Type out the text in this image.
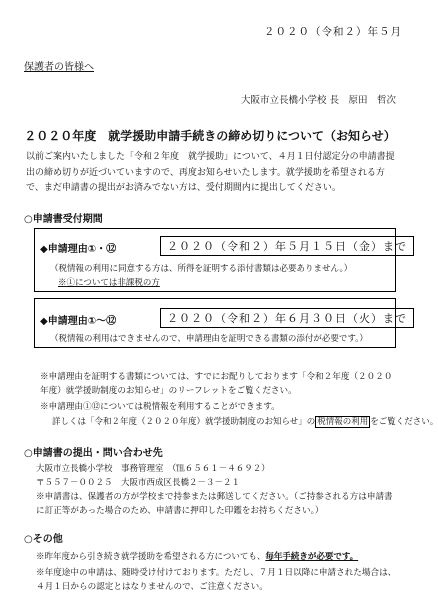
２０２０（令和２）年５月
保護者の皆様へ
大阪市立長橋小学校 長　原田　哲次
２０２０年度　就学援助申請手続きの締め切りについて（お知らせ）
以前ご案内いたしました「令和２年度　就学援助」について、４月１日付認定分の申請書提出の締め切りが近づいていますので、再度お知らせいたします。就学援助を希望される方で、まだ申請書の提出がお済みでない方は、受付期間内に提出してください。
○申請書受付期間
◆申請理由①・⑫	２０２０（令和２）年５月１５日（金）まで
（税情報の利用に同意する方は、所得を証明する添付書類は必要ありません。）
※①については非課税の方
◆申請理由①～⑫	２０２０（令和２）年６月３０日（火）まで
（税情報の利用はできませんので、申請理由を証明できる書類の添付が必要です。）
※申請理由を証明する書類については、すでにお配りしております「令和２年度（２０２０年度）就学援助制度のお知らせ」のリーフレットをご覧ください。
※申請理由①⑫については税情報を利用することができます。
詳しくは「令和２年度（２０２０年度）就学援助制度のお知らせ」の 税情報の利用 をご覧ください。
○申請書の提出・問い合わせ先
大阪市立長橋小学校　事務管理室　（℡６５６１－４６９２）
〒５５７－００２５　大阪市西成区長橋２－３－２１
※申請書は、保護者の方が学校まで持参または郵送してください。（ご持参される方は申請書に訂正等があった場合のため、申請書に押印した印鑑をお持ちください。）
○その他
※昨年度から引き続き就学援助を希望される方についても、毎年手続きが必要です。
※年度途中の申請は、随時受け付けております。ただし、７月１日以降に申請された場合は、４月１日からの認定とはなりませんので、ご注意ください。
